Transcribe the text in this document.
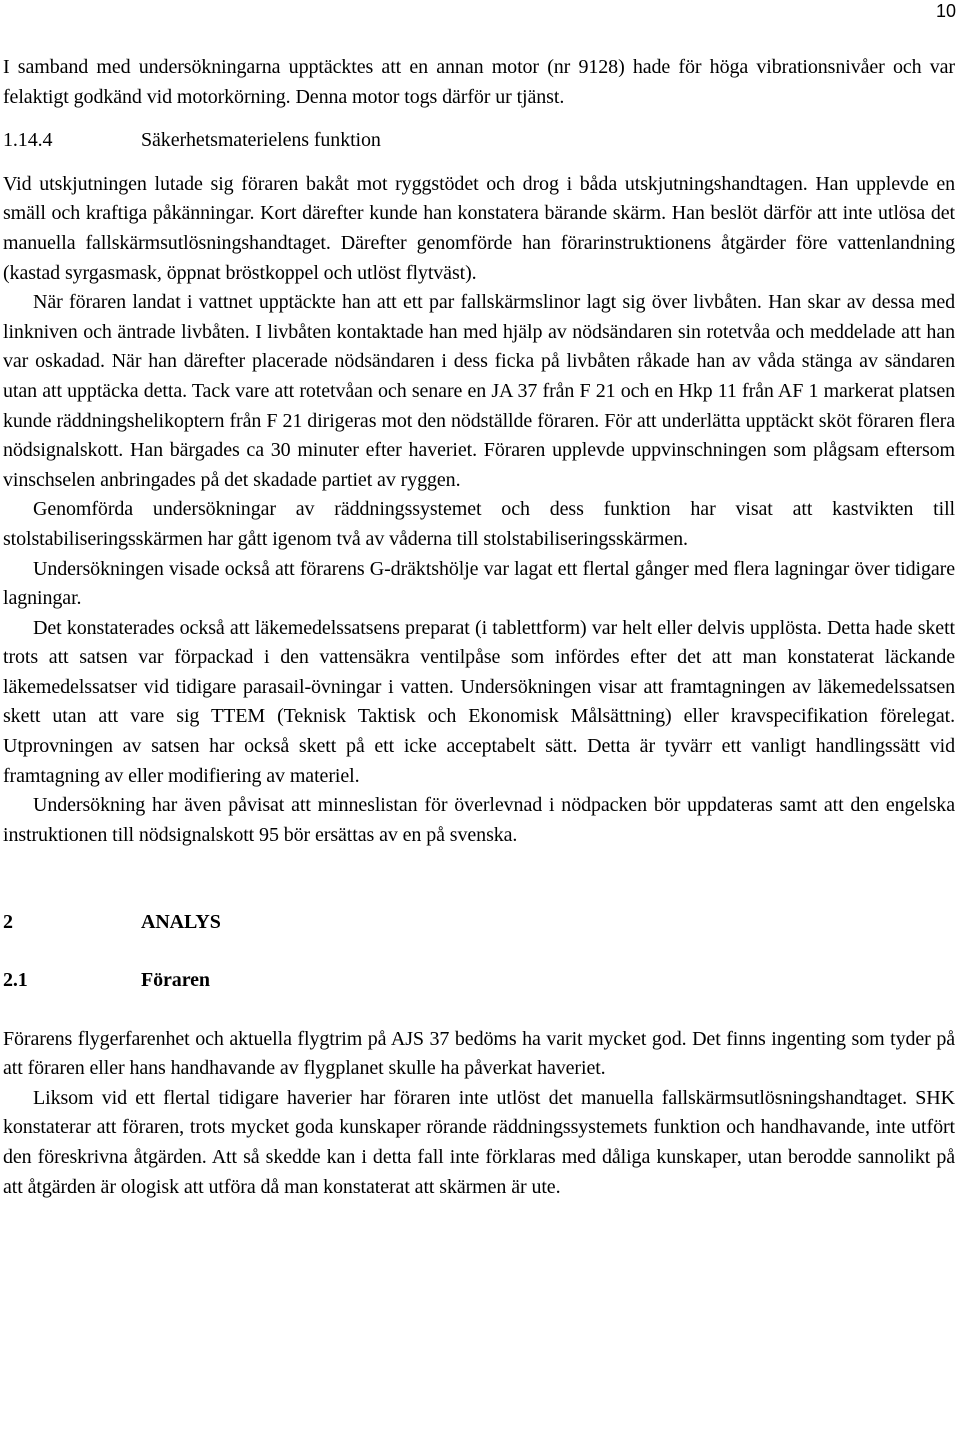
10

I samband med undersökningarna upptäcktes att en annan motor (nr 9128) hade för höga vibrationsnivåer och var felaktigt godkänd vid motorkörning. Denna motor togs därför ur tjänst.

1.14.4	Säkerhetsmaterielens funktion

Vid utskjutningen lutade sig föraren bakåt mot ryggstödet och drog i båda utskjutningshandtagen. Han upplevde en smäll och kraftiga påkänningar. Kort därefter kunde han konstatera bärande skärm. Han beslöt därför att inte utlösa det manuella fallskärmsutlösningshandtaget. Därefter genomförde han förarinstruktionens åtgärder före vattenlandning (kastad syrgasmask, öppnat bröstkoppel och utlöst flytväst).

När föraren landat i vattnet upptäckte han att ett par fallskärmslinor lagt sig över livbåten. Han skar av dessa med linkniven och äntrade livbåten. I livbåten kontaktade han med hjälp av nödsändaren sin rotetvåa och meddelade att han var oskadad. När han därefter placerade nödsändaren i dess ficka på livbåten råkade han av våda stänga av sändaren utan att upptäcka detta. Tack vare att rotetvåan och senare en JA 37 från F 21 och en Hkp 11 från AF 1 markerat platsen kunde räddningshelikoptern från F 21 dirigeras mot den nödställde föraren. För att underlätta upptäckt sköt föraren flera nödsignalskott. Han bärgades ca 30 minuter efter haveriet. Föraren upplevde uppvinschningen som plågsam eftersom vinschselen anbringades på det skadade partiet av ryggen.

Genomförda undersökningar av räddningssystemet och dess funktion har visat att kastvikten till stolstabiliseringsskärmen har gått igenom två av våderna till stolstabiliseringsskärmen.

Undersökningen visade också att förarens G-dräktshölje var lagat ett flertal gånger med flera lagningar över tidigare lagningar.

Det konstaterades också att läkemedelssatsens preparat (i tablettform) var helt eller delvis upplösta. Detta hade skett trots att satsen var förpackad i den vattensäkra ventilpåse som infördes efter det att man konstaterat läckande läkemedelssatser vid tidigare parasail-övningar i vatten. Undersökningen visar att framtagningen av läkemedelssatsen skett utan att vare sig TTEM (Teknisk Taktisk och Ekonomisk Målsättning) eller kravspecifikation förelegat. Utprovningen av satsen har också skett på ett icke acceptabelt sätt. Detta är tyvärr ett vanligt handlingssätt vid framtagning av eller modifiering av materiel.

Undersökning har även påvisat att minneslistan för överlevnad i nödpacken bör uppdateras samt att den engelska instruktionen till nödsignalskott 95 bör ersättas av en på svenska.

2	ANALYS
2.1	Föraren

Förarens flygerfarenhet och aktuella flygtrim på AJS 37 bedöms ha varit mycket god. Det finns ingenting som tyder på att föraren eller hans handhavande av flygplanet skulle ha påverkat haveriet.

Liksom vid ett flertal tidigare haverier har föraren inte utlöst det manuella fallskärmsutlösningshandtaget. SHK konstaterar att föraren, trots mycket goda kunskaper rörande räddningssystemets funktion och handhavande, inte utfört den föreskrivna åtgärden. Att så skedde kan i detta fall inte förklaras med dåliga kunskaper, utan berodde sannolikt på att åtgärden är ologisk att utföra då man konstaterat att skärmen är ute.
